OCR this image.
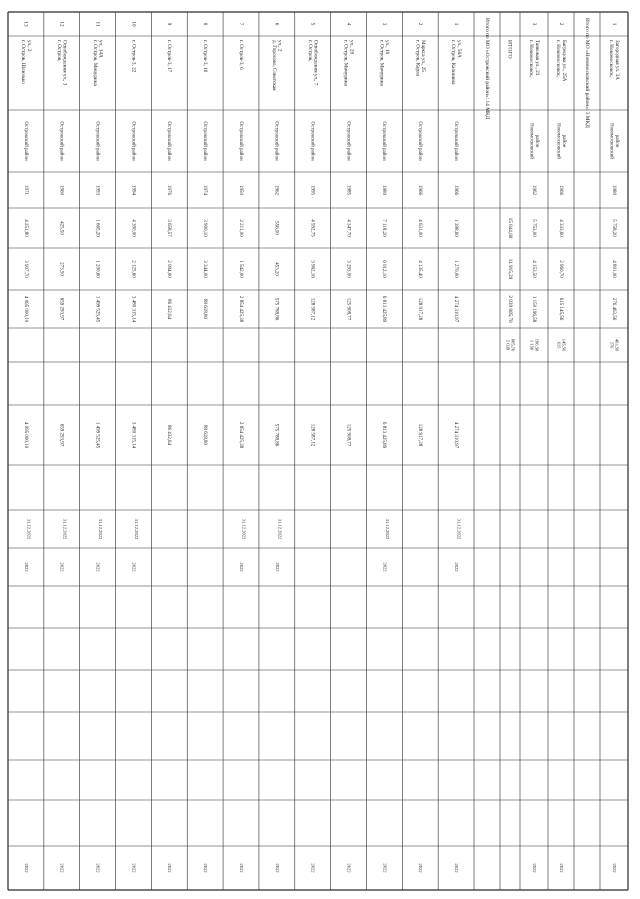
1
г. Новомосковск,Загородная ул. 3А
Новомосковскийрайон
1980
5 758,20
4 801,00
276 463,56
276463,56
2022
Итого по МО «Новомосковский район»: 3 МКД
2
г. Новомосковск,Багрецова ул., 25А
Новомосковскийрайон
1966
4 333,60
2 960,70
615 145,56
615145,56
2022
3
г. Новомосковск,Танковая ул., 23
Новомосковскийрайон
1962
5 753,00
4 153,50
1 150 196,58
1 150196,58
2022
ИТОГО
15 844,80
11 915,20
2 039 805,70
2 039805,70
Итого по МО «Островский район»: 14 МКД
1
г. Остров, Калининаул., 58А
Островский район
1966
1 398,60
1 270,00
4 274 310,97
4 274 310,97
31.12.2022
2022
2022
2
г. Остров, КарлаМаркса ул., 25
Островский район
1966
4 631,00
4 135,40
128 917,28
128 917,28
2022
3
г. Остров, Мичуринаул., 18
Островский район
1980
7 118,20
6 012,10
6 813 425,89
6 813 425,89
31.12.2022
2022
2022
4
г. Остров, Мичуринаул., 28
Островский район
1985
4 347,70
3 293,00
125 908,77
125 908,77
2022
5
г. Остров,Освобождения ул., 7
Островский район
1995
4 592,75
3 962,16
128 587,12
128 587,12
2022
6
д. Горохово, Советскаяул., 2
Островский район
1962
556,00
453,20
575 788,86
575 788,86
31.12.2022
2022
2022
7
г. Остров-3, 6
Островский район
1950
2 211,00
1 542,00
2 854 425,38
2 854 425,38
31.12.2022
2022
2022
8
г. Остров-3, 16
Островский район
1974
3 900,10
3 344,00
89 618,80
89 618,80
2022
9
г. Остров-3, 17
Островский район
1976
3 658,57
2 094,00
86 432,64
86 432,64
2022
10
г. Остров-3, 22
Островский район
1994
4 390,00
2 125,60
3 480 315,14
3 480 315,14
31.12.2022
2022
2022
11
г. Остров, Мичуринаул., 14А
Островский район
1993
1 665,20
1 200,60
1 499 525,45
1 499 525,45
31.12.2022
2022
2022
12
г. Остров,Освобождения ул., 3
Островский район
1960
425,50
273,50
659 293,97
659 293,97
31.12.2022
2022
2022
13
г. Остров, Шлюзькоул., 2
Островский район
1971
4 251,80
3 907,70
4 095 000,10
4 095 000,10
31.12.2022
2022
2022
